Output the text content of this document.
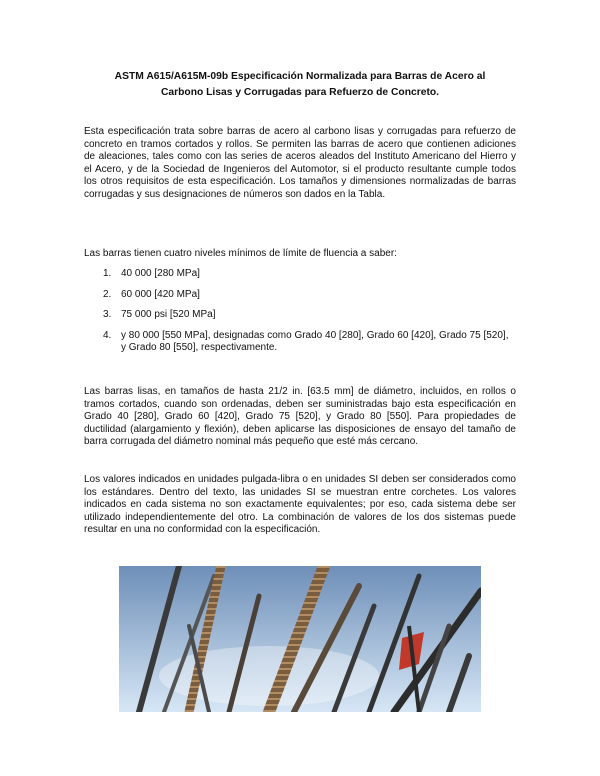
ASTM A615/A615M-09b Especificación Normalizada para Barras de Acero al
Carbono Lisas y Corrugadas para Refuerzo de Concreto.
Esta especificación trata sobre barras de acero al carbono lisas y corrugadas para refuerzo de concreto en tramos cortados y rollos. Se permiten las barras de acero que contienen adiciones de aleaciones, tales como con las series de aceros aleados del Instituto Americano del Hierro y el Acero, y de la Sociedad de Ingenieros del Automotor, si el producto resultante cumple todos los otros requisitos de esta especificación. Los tamaños y dimensiones normalizadas de barras corrugadas y sus designaciones de números son dados en la Tabla.
Las barras tienen cuatro niveles mínimos de límite de fluencia a saber:
1. 40 000 [280 MPa]
2. 60 000 [420 MPa]
3. 75 000 psi [520 MPa]
4. y 80 000 [550 MPa], designadas como Grado 40 [280], Grado 60 [420], Grado 75 [520], y Grado 80 [550], respectivamente.
Las barras lisas, en tamaños de hasta 21/2 in. [63.5 mm] de diámetro, incluidos, en rollos o tramos cortados, cuando son ordenadas, deben ser suministradas bajo esta especificación en Grado 40 [280], Grado 60 [420], Grado 75 [520], y Grado 80 [550]. Para propiedades de ductilidad (alargamiento y flexión), deben aplicarse las disposiciones de ensayo del tamaño de barra corrugada del diámetro nominal más pequeño que esté más cercano.
Los valores indicados en unidades pulgada-libra o en unidades SI deben ser considerados como los estándares. Dentro del texto, las unidades SI se muestran entre corchetes. Los valores indicados en cada sistema no son exactamente equivalentes; por eso, cada sistema debe ser utilizado independientemente del otro. La combinación de valores de los dos sistemas puede resultar en una no conformidad con la especificación.
